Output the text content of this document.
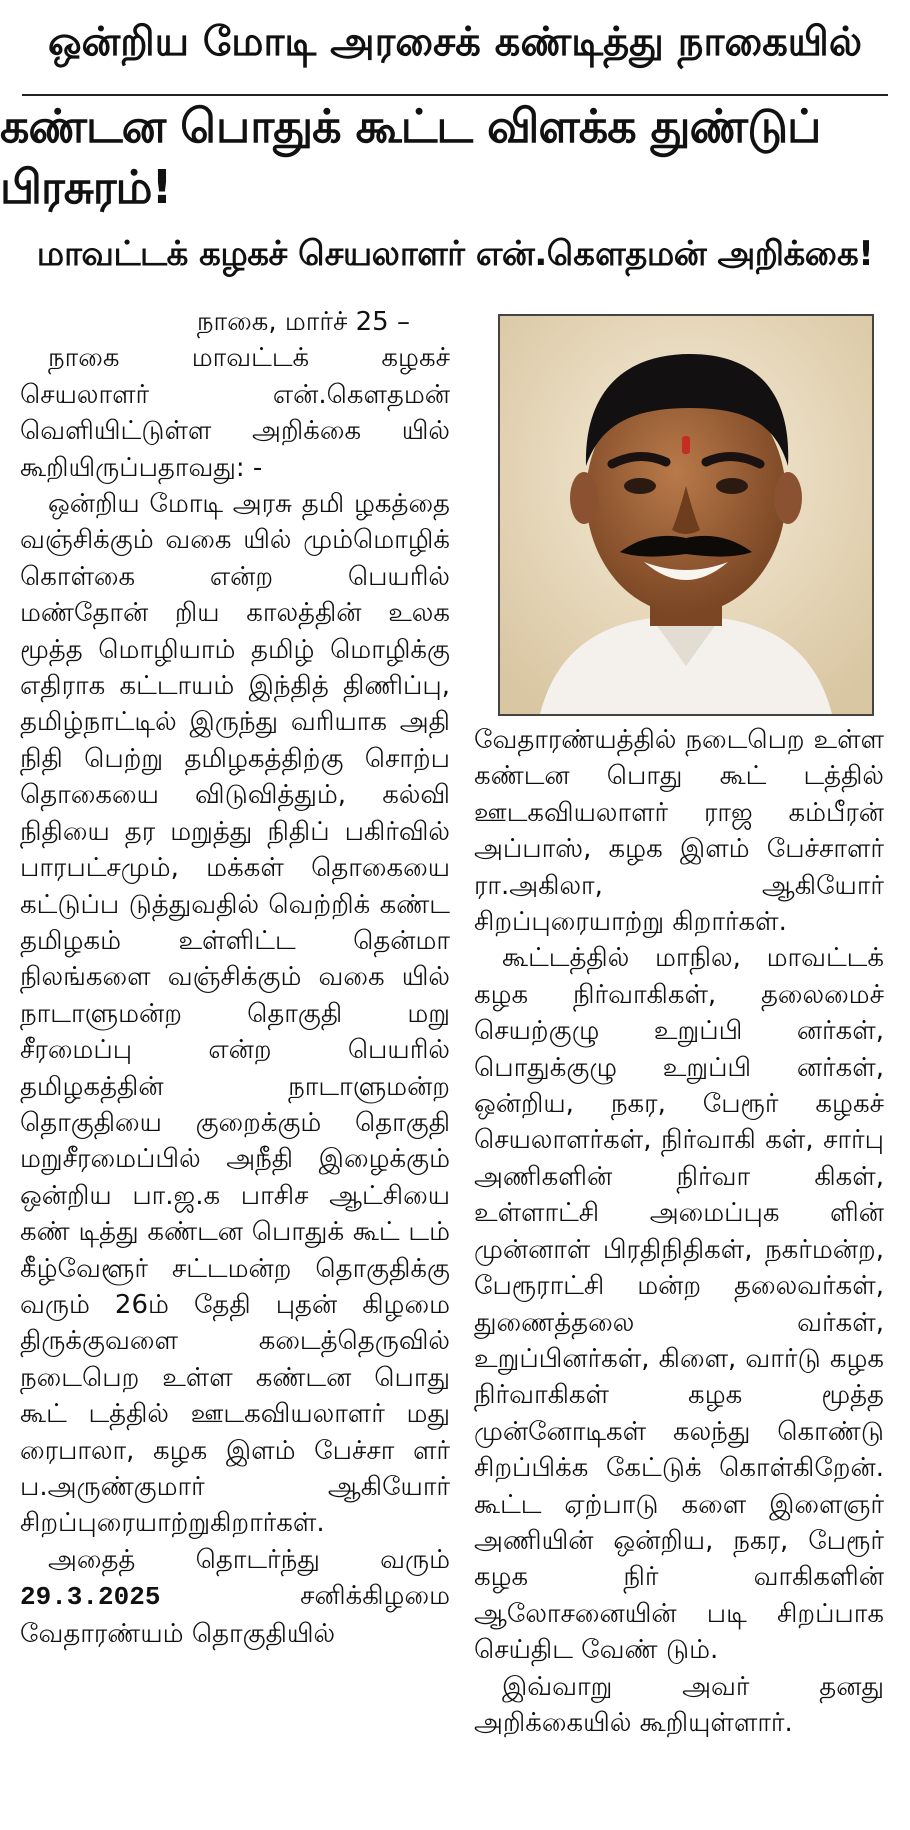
ஒன்றிய மோடி அரசைக் கண்டித்து நாகையில்
கண்டன பொதுக் கூட்ட விளக்க துண்டுப் பிரசுரம்!
மாவட்டக் கழகச் செயலாளர் என்.கௌதமன் அறிக்கை!
நாகை, மார்ச் 25 –

நாகை மாவட்டக் கழகச் செயலாளர் என்.கௌதமன் வெளியிட்டுள்ள அறிக்கை யில் கூறியிருப்பதாவது: -

ஒன்றிய மோடி அரசு தமி ழகத்தை வஞ்சிக்கும் வகை யில் மும்மொழிக் கொள்கை என்ற பெயரில் மண்தோன் றிய காலத்தின் உலக மூத்த மொழியாம் தமிழ் மொழிக்கு எதிராக கட்டாயம் இந்தித் திணிப்பு, தமிழ்நாட்டில் இருந்து வரியாக அதி நிதி பெற்று தமிழகத்திற்கு சொற்ப தொகையை விடுவித்தும், கல்வி நிதியை தர மறுத்து நிதிப் பகிர்வில் பாரபட்சமும், மக்கள் தொகையை கட்டுப்ப டுத்துவதில் வெற்றிக் கண்ட தமிழகம் உள்ளிட்ட தென்மா நிலங்களை வஞ்சிக்கும் வகை யில் நாடாளுமன்ற தொகுதி மறு சீரமைப்பு என்ற பெயரில் தமிழகத்தின் நாடாளுமன்ற தொகுதியை குறைக்கும் தொகுதி மறுசீரமைப்பில் அநீதி இழைக்கும் ஒன்றிய பா.ஜ.க பாசிச ஆட்சியை கண் டித்து கண்டன பொதுக் கூட் டம் கீழ்வேளூர் சட்டமன்ற தொகுதிக்கு வரும் 26ம் தேதி புதன் கிழமை திருக்குவளை கடைத்தெருவில் நடைபெற உள்ள கண்டன பொது கூட் டத்தில் ஊடகவியலாளர் மது ரைபாலா, கழக இளம் பேச்சா ளர் ப.அருண்குமார் ஆகியோர் சிறப்புரையாற்றுகிறார்கள்.

அதைத் தொடர்ந்து வரும் 29.3.2025	சனிக்கிழமை வேதாரண்யம் தொகுதியில்

வேதாரண்யத்தில் நடைபெற உள்ள கண்டன பொது கூட் டத்தில் ஊடகவியலாளர் ராஜ கம்பீரன் அப்பாஸ், கழக இளம் பேச்சாளர் ரா.அகிலா, ஆகியோர் சிறப்புரையாற்று கிறார்கள்.

கூட்டத்தில் மாநில, மாவட்டக் கழக நிர்வாகிகள், தலைமைச் செயற்குழு உறுப்பி னர்கள், பொதுக்குழு உறுப்பி னர்கள், ஒன்றிய, நகர, பேரூர் கழகச் செயலாளர்கள், நிர்வாகி கள், சார்பு அணிகளின் நிர்வா கிகள், உள்ளாட்சி அமைப்புக ளின் முன்னாள் பிரதிநிதிகள், நகர்மன்ற, பேரூராட்சி மன்ற தலைவர்கள், துணைத்தலை வர்கள், உறுப்பினர்கள், கிளை, வார்டு கழக நிர்வாகிகள் கழக மூத்த முன்னோடிகள் கலந்து கொண்டு சிறப்பிக்க கேட்டுக் கொள்கிறேன். கூட்ட ஏற்பாடு களை இளைஞர் அணியின் ஒன்றிய, நகர, பேரூர் கழக நிர் வாகிகளின் ஆலோசனையின் படி சிறப்பாக செய்திட வேண் டும்.

இவ்வாறு அவர் தனது அறிக்கையில் கூறியுள்ளார்.
